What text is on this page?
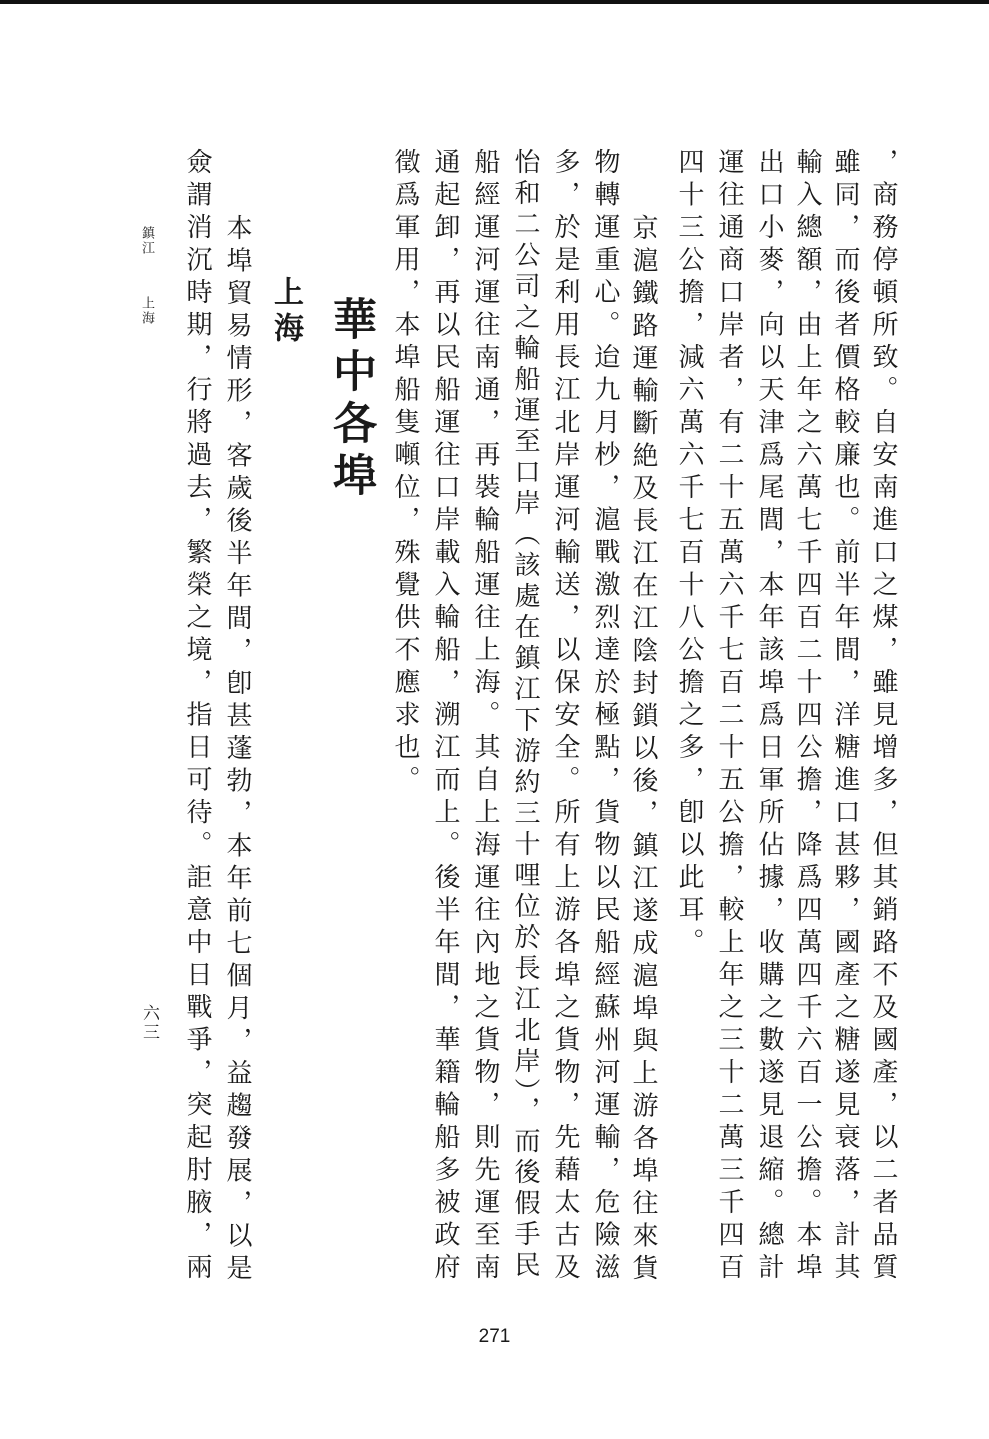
，商務停頓所致。自安南進口之煤，雖見增多，但其銷路不及國產，以二者品質
雖同，而後者價格較廉也。前半年間，洋糖進口甚夥，國產之糖遂見衰落，計其
輸入總額，由上年之六萬七千四百二十四公擔，降爲四萬四千六百一公擔。本埠
出口小麥，向以天津爲尾閭，本年該埠爲日軍所佔據，收購之數遂見退縮。總計
運往通商口岸者，有二十五萬六千七百二十五公擔，較上年之三十二萬三千四百
四十三公擔，減六萬六千七百十八公擔之多，卽以此耳。
京滬鐵路運輸斷絶及長江在江陰封鎖以後，鎮江遂成滬埠與上游各埠往來貨
物轉運重心。迨九月杪，滬戰激烈達於極點，貨物以民船經蘇州河運輸，危險滋
多，於是利用長江北岸運河輸送，以保安全。所有上游各埠之貨物，先藉太古及
怡和二公司之輪船運至口岸（該處在鎮江下游約三十哩位於長江北岸），而後假手民
船經運河運往南通，再裝輪船運往上海。其自上海運往內地之貨物，則先運至南
通起卸，再以民船運往口岸載入輪船，溯江而上。後半年間，華籍輪船多被政府
徵爲軍用，本埠船隻噸位，殊覺供不應求也。
華中各埠
上海
本埠貿易情形，客歲後半年間，卽甚蓬勃，本年前七個月，益趨發展，以是
僉謂消沉時期，行將過去，繁榮之境，指日可待。詎意中日戰爭，突起肘腋，兩
鎮江
上海
六三
271
